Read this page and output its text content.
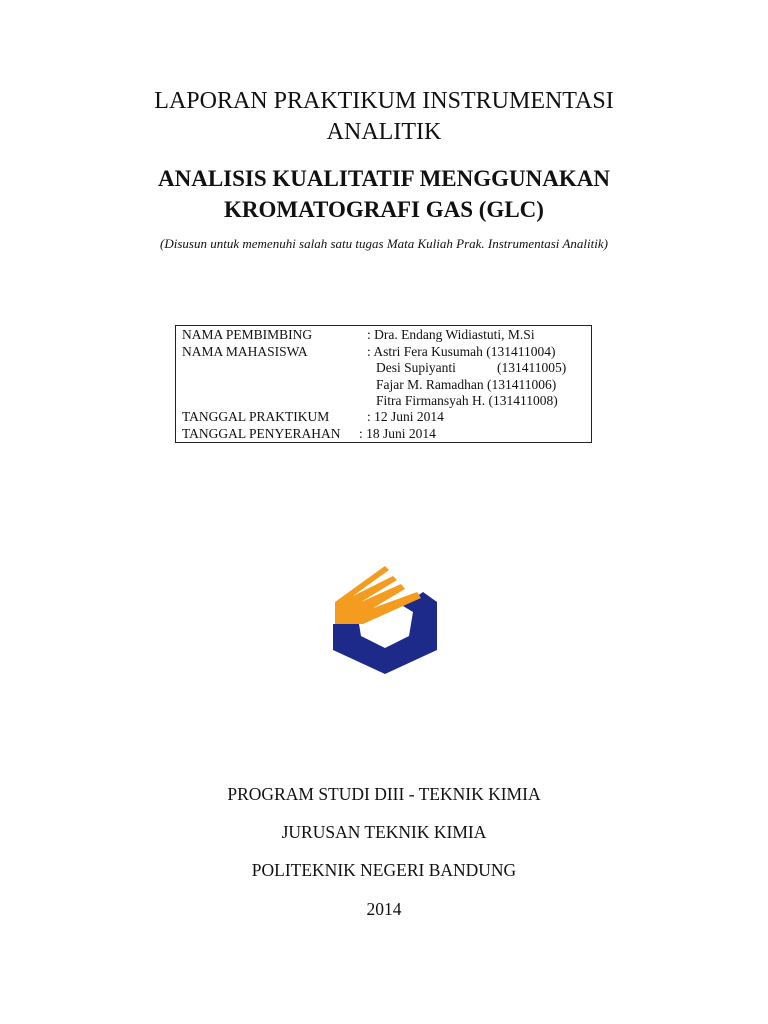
LAPORAN PRAKTIKUM INSTRUMENTASI
ANALITIK
ANALISIS KUALITATIF MENGGUNAKAN
KROMATOGRAFI GAS (GLC)
(Disusun untuk memenuhi salah satu tugas Mata Kuliah Prak. Instrumentasi Analitik)
NAMA PEMBIMBING	: Dra. Endang Widiastuti, M.Si
NAMA MAHASISWA	: Astri Fera Kusumah (131411004)
Desi Supiyanti	(131411005)
Fajar M. Ramadhan (131411006)
Fitra Firmansyah H. (131411008)
TANGGAL PRAKTIKUM	: 12 Juni 2014
TANGGAL PENYERAHAN : 18 Juni 2014
PROGRAM STUDI DIII - TEKNIK KIMIA
JURUSAN TEKNIK KIMIA
POLITEKNIK NEGERI BANDUNG
2014
